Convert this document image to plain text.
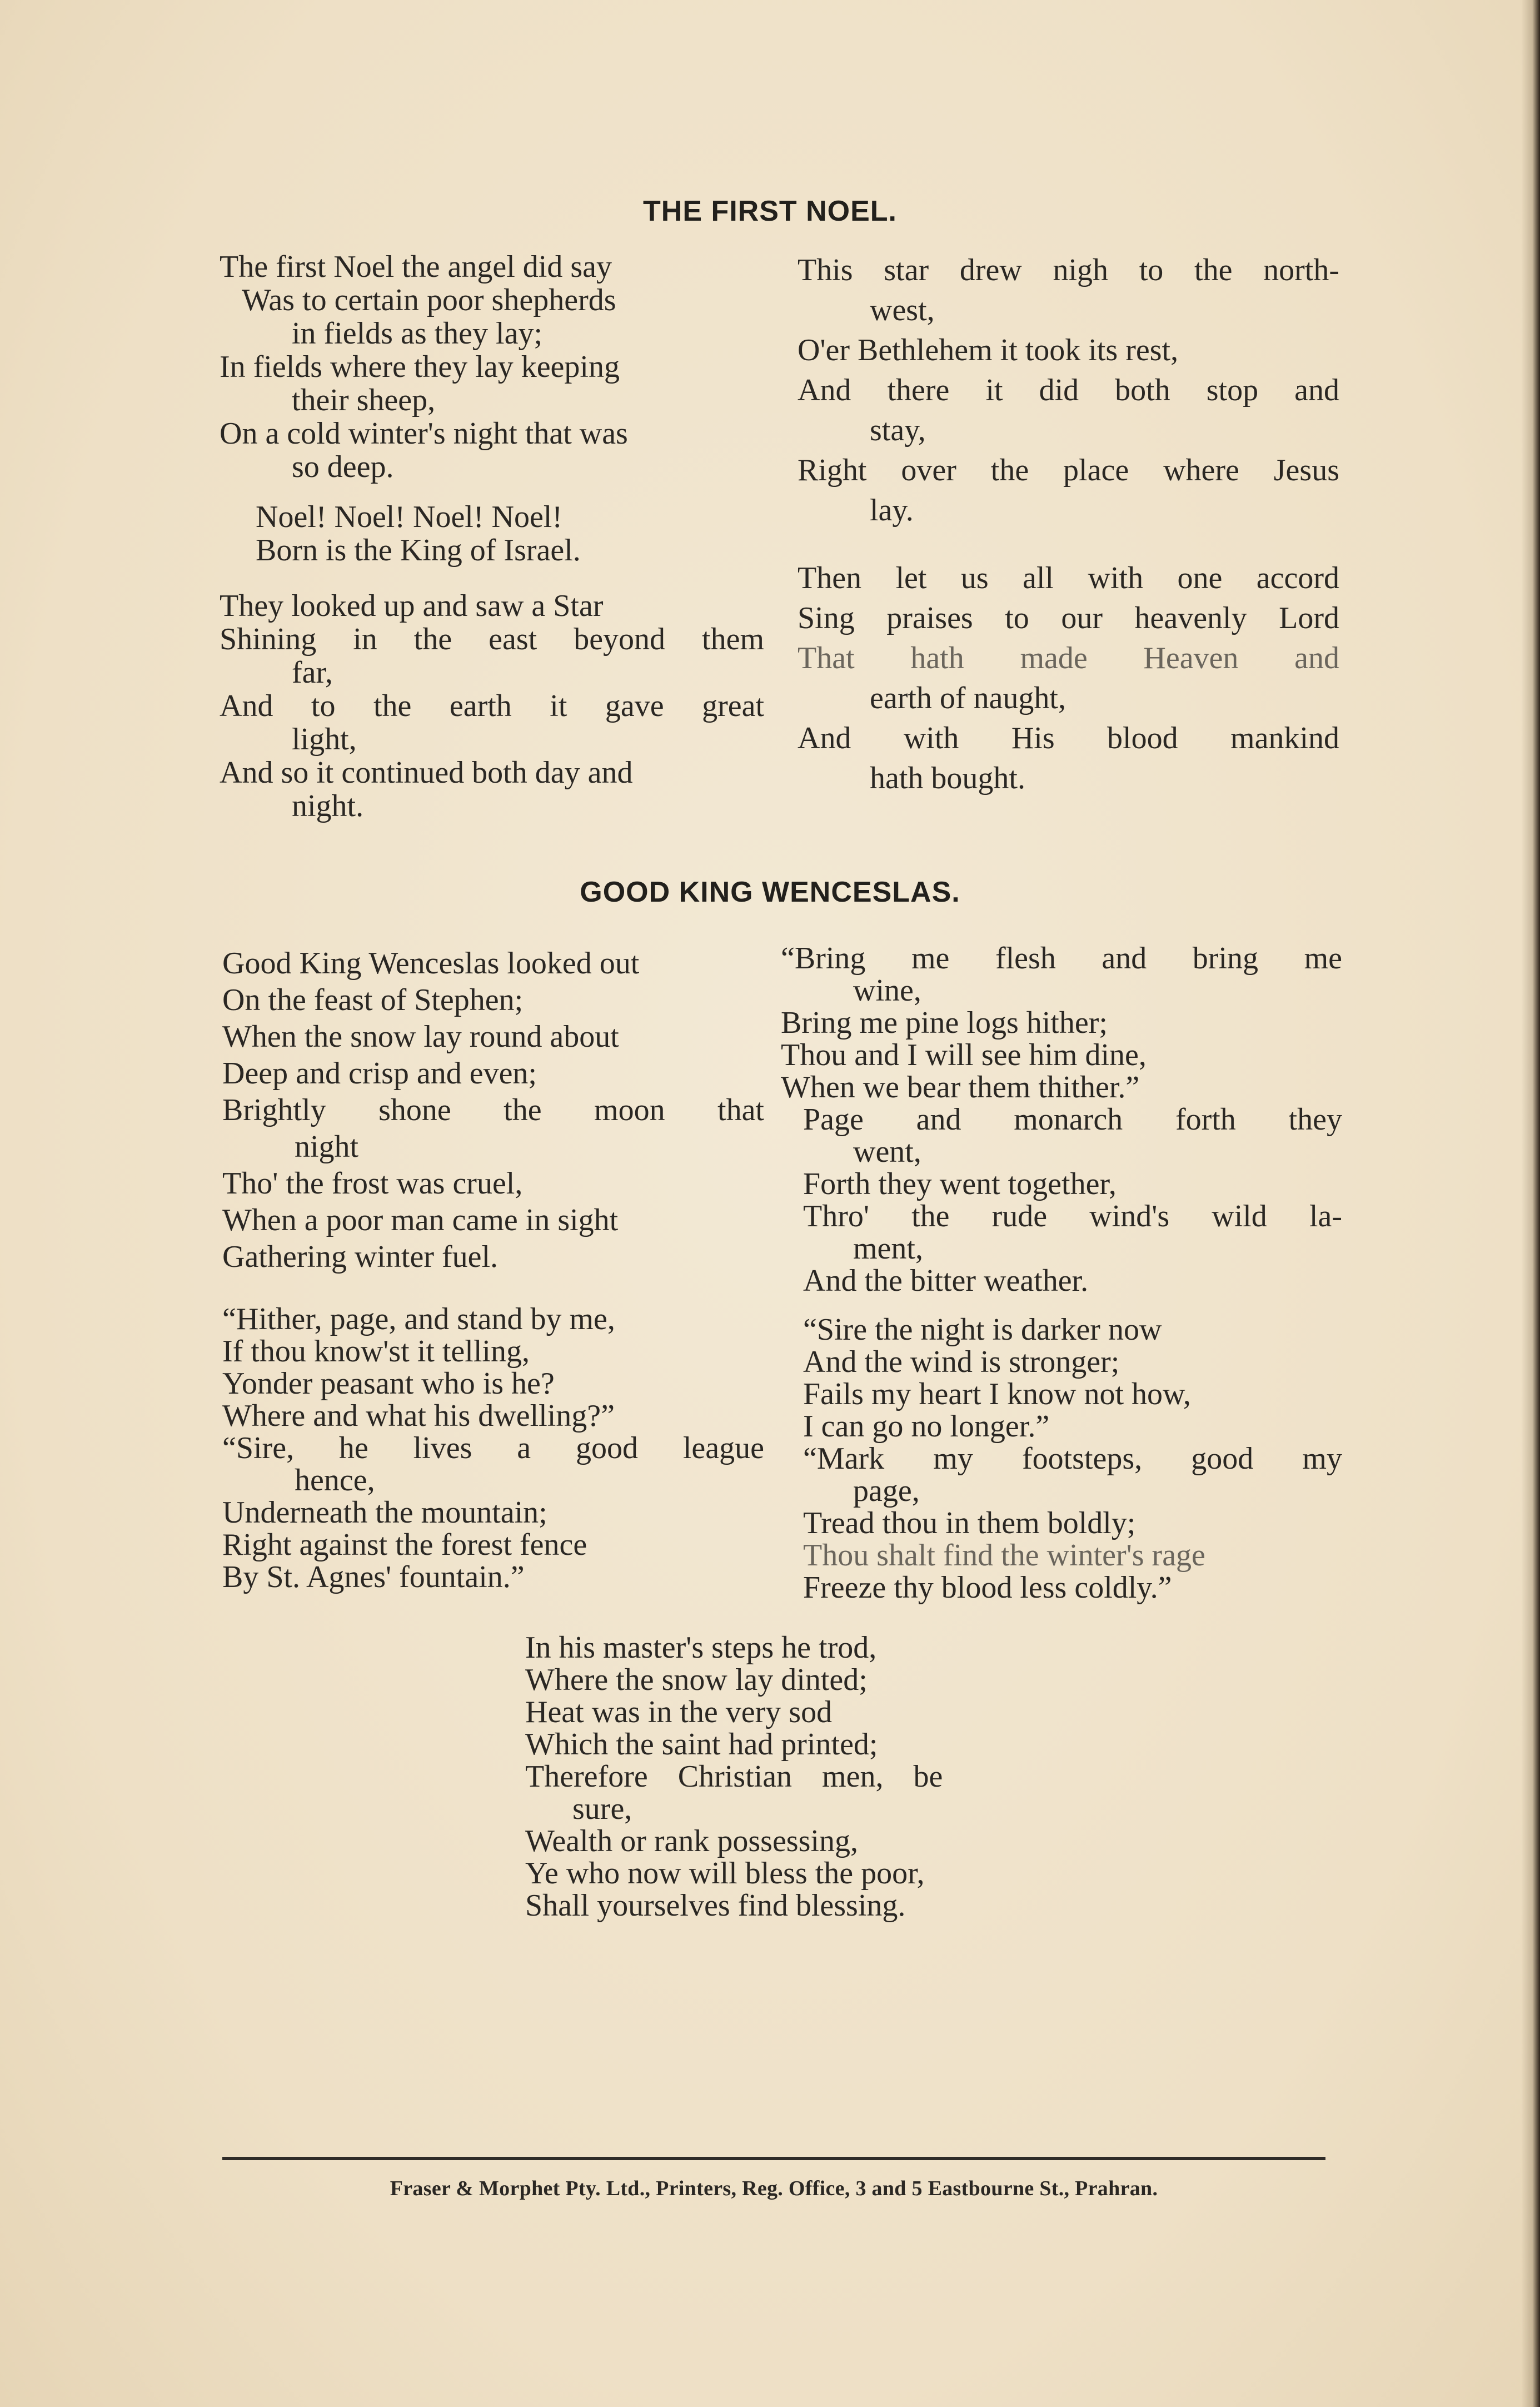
THE FIRST NOEL.
The first Noel the angel did say
Was to certain poor shepherds
in fields as they lay;
In fields where they lay keeping
their sheep,
On a cold winter's night that was
so deep.
Noel! Noel! Noel! Noel!
Born is the King of Israel.
They looked up and saw a Star
Shining in the east beyond them
far,
And to the earth it gave great
light,
And so it continued both day and
night.
This star drew nigh to the north-
west,
O'er Bethlehem it took its rest,
And there it did both stop and
stay,
Right over the place where Jesus
lay.
Then let us all with one accord
Sing praises to our heavenly Lord
That hath made Heaven and
earth of naught,
And with His blood mankind
hath bought.
GOOD KING WENCESLAS.
Good King Wenceslas looked out
On the feast of Stephen;
When the snow lay round about
Deep and crisp and even;
Brightly shone the moon that
night
Tho' the frost was cruel,
When a poor man came in sight
Gathering winter fuel.
“Hither, page, and stand by me,
If thou know'st it telling,
Yonder peasant who is he?
Where and what his dwelling?”
“Sire, he lives a good league
hence,
Underneath the mountain;
Right against the forest fence
By St. Agnes' fountain.”
“Bring me flesh and bring me
wine,
Bring me pine logs hither;
Thou and I will see him dine,
When we bear them thither.”
Page and monarch forth they
went,
Forth they went together,
Thro' the rude wind's wild la-
ment,
And the bitter weather.
“Sire the night is darker now
And the wind is stronger;
Fails my heart I know not how,
I can go no longer.”
“Mark my footsteps, good my
page,
Tread thou in them boldly;
Thou shalt find the winter's rage
Freeze thy blood less coldly.”
In his master's steps he trod,
Where the snow lay dinted;
Heat was in the very sod
Which the saint had printed;
Therefore Christian men, be
sure,
Wealth or rank possessing,
Ye who now will bless the poor,
Shall yourselves find blessing.
Fraser & Morphet Pty. Ltd., Printers, Reg. Office, 3 and 5 Eastbourne St., Prahran.
